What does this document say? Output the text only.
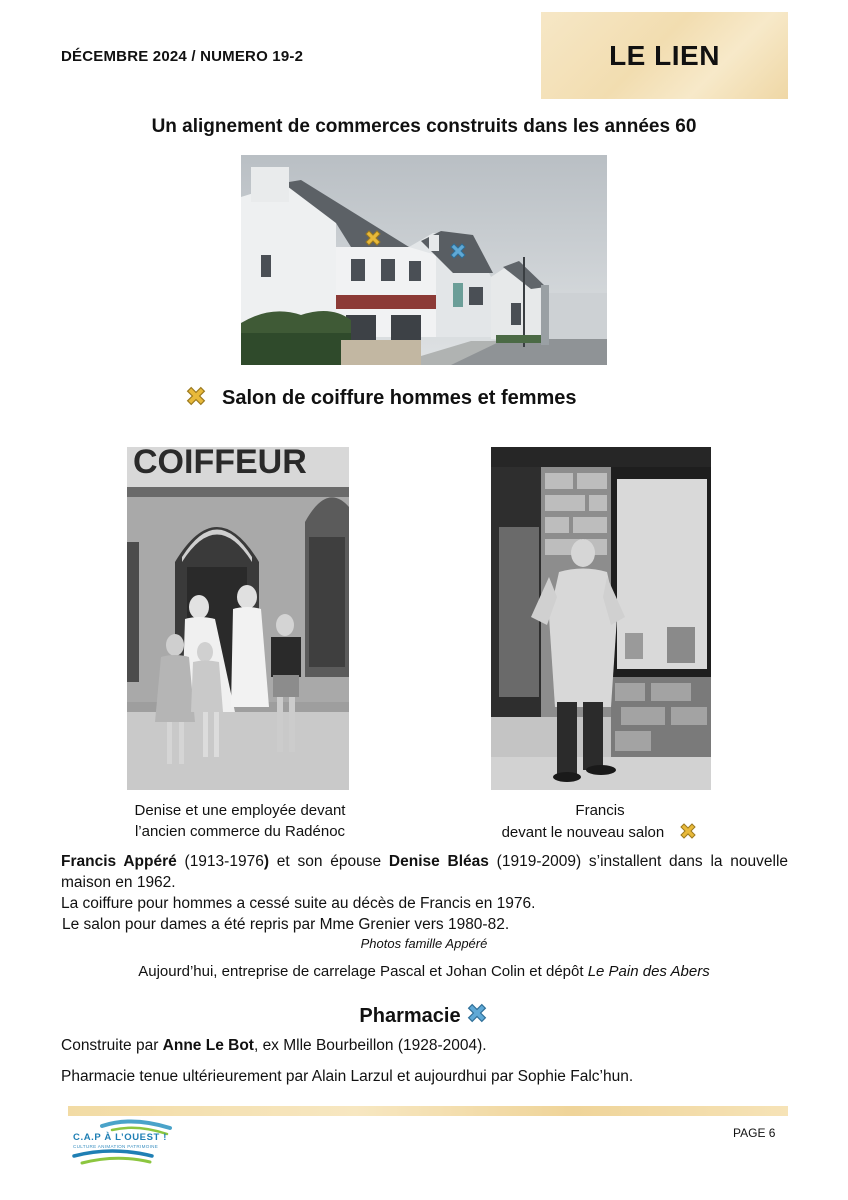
DÉCEMBRE 2024 / NUMERO 19-2	LE LIEN
Un alignement de commerces construits dans les années 60
Salon de coiffure hommes et femmes
COIFFEUR
Denise et une employée devant
l’ancien commerce du Radénoc
Francis
devant le nouveau salon

Francis Appéré (1913-1976) et son épouse Denise Bléas (1919-2009) s’installent dans la nouvelle maison en 1962.

La coiffure pour hommes a cessé suite au décès de Francis en 1976.

Le salon pour dames a été repris par Mme Grenier vers 1980-82.

Photos famille Appéré
Aujourd’hui, entreprise de carrelage Pascal et Johan Colin et dépôt Le Pain des Abers
Pharmacie
Construite par Anne Le Bot, ex Mlle Bourbeillon (1928-2004).
Pharmacie tenue ultérieurement par Alain Larzul et aujourdhui par Sophie Falc’hun.
C.A.P À L’OUEST !
CULTURE ANIMATION PATRIMOINE
PAGE 6
